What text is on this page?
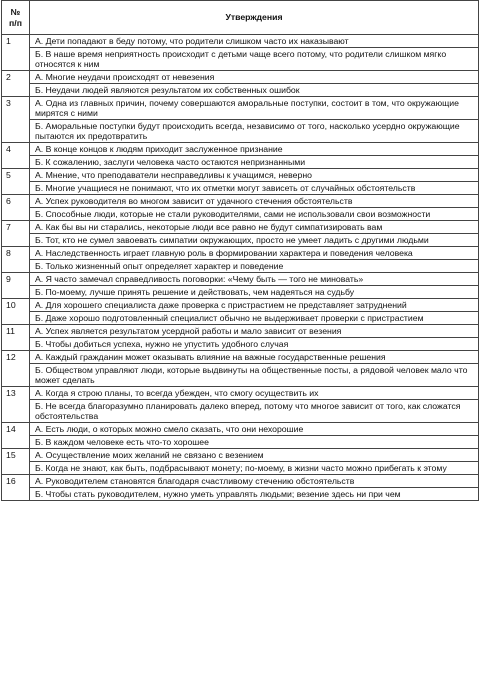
№
п/п	Утверждения
1	А. Дети попадают в беду потому, что родители слишком часто их наказывают
	Б. В наше время неприятность происходит с детьми чаще всего потому, что родители слишком мягко относятся к ним
2	А. Многие неудачи происходят от невезения
	Б. Неудачи людей являются результатом их собственных ошибок
3	А. Одна из главных причин, почему совершаются аморальные поступки, состоит в том, что окружающие мирятся с ними
	Б. Аморальные поступки будут происходить всегда, независимо от того, насколько усердно окружающие пытаются их предотвратить
4	А. В конце концов к людям приходит заслуженное признание
	Б. К сожалению, заслуги человека часто остаются непризнанными
5	А. Мнение, что преподаватели несправедливы к учащимся, неверно
	Б. Многие учащиеся не понимают, что их отметки могут зависеть от случайных обстоятельств
6	А. Успех руководителя во многом зависит от удачного стечения обстоятельств
	Б. Способные люди, которые не стали руководителями, сами не использовали свои возможности
7	А. Как бы вы ни старались, некоторые люди все равно не будут симпатизировать вам
	Б. Тот, кто не сумел завоевать симпатии окружающих, просто не умеет ладить с другими людьми
8	А. Наследственность играет главную роль в формировании характера и поведения человека
	Б. Только жизненный опыт определяет характер и поведение
9	А. Я часто замечал справедливость поговорки: «Чему быть — того не миновать»
	Б. По-моему, лучше принять решение и действовать, чем надеяться на судьбу
10	А. Для хорошего специалиста даже проверка с пристрастием не представляет затруднений
	Б. Даже хорошо подготовленный специалист обычно не выдерживает проверки с пристрастием
11	А. Успех является результатом усердной работы и мало зависит от везения
	Б. Чтобы добиться успеха, нужно не упустить удобного случая
12	А. Каждый гражданин может оказывать влияние на важные государственные решения
	Б. Обществом управляют люди, которые выдвинуты на общественные посты, а рядовой человек мало что может сделать
13	А. Когда я строю планы, то всегда убежден, что смогу осуществить их
	Б. Не всегда благоразумно планировать далеко вперед, потому что многое зависит от того, как сложатся обстоятельства
14	А. Есть люди, о которых можно смело сказать, что они нехорошие
	Б. В каждом человеке есть что-то хорошее
15	А. Осуществление моих желаний не связано с везением
	Б. Когда не знают, как быть, подбрасывают монету; по-моему, в жизни часто можно прибегать к этому
16	А. Руководителем становятся благодаря счастливому стечению обстоятельств
	Б. Чтобы стать руководителем, нужно уметь управлять людьми; везение здесь ни при чем
